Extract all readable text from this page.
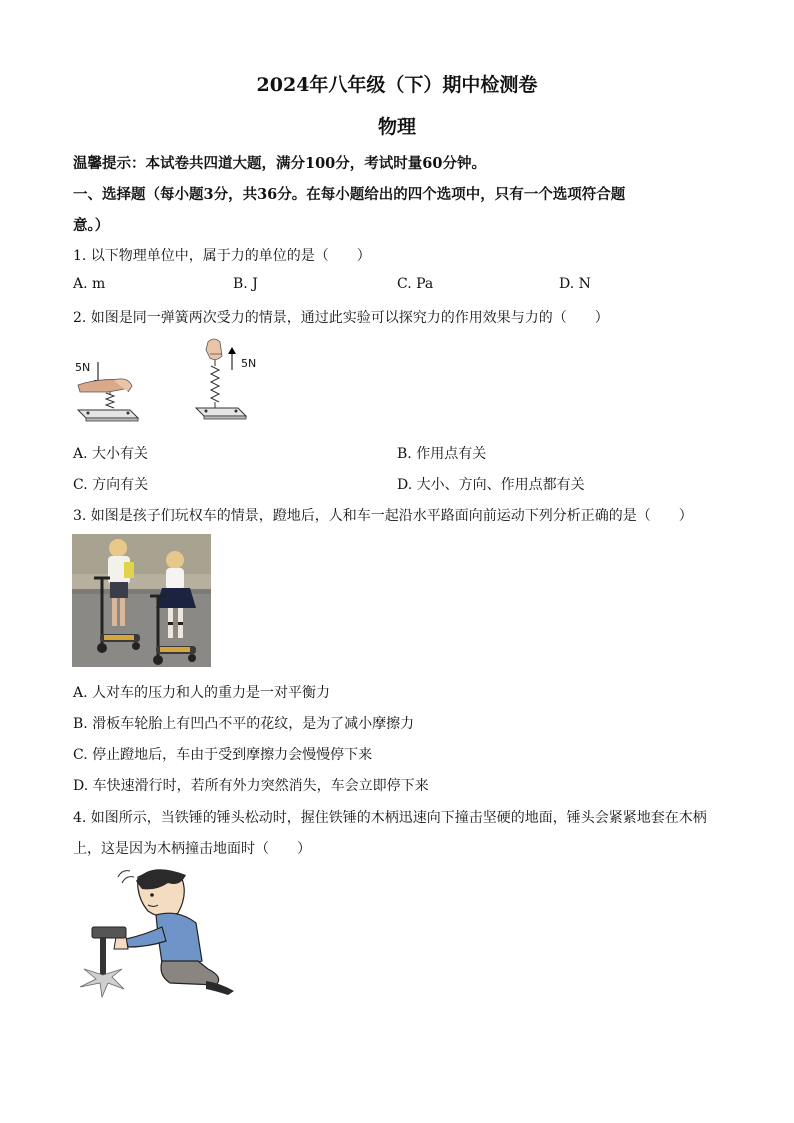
2024年八年级（下）期中检测卷
物理
温馨提示：本试卷共四道大题，满分100分，考试时量60分钟。
一、选择题（每小题3分，共36分。在每小题给出的四个选项中，只有一个选项符合题
意。）
1. 以下物理单位中，属于力的单位的是（　　）
A. m	B. J	C. Pa	D. N
2. 如图是同一弹簧两次受力的情景，通过此实验可以探究力的作用效果与力的（　　）
5N	5N
A. 大小有关	B. 作用点有关
C. 方向有关	D. 大小、方向、作用点都有关
3. 如图是孩子们玩权车的情景，蹬地后，人和车一起沿水平路面向前运动下列分析正确的是（　　）
A. 人对车的压力和人的重力是一对平衡力
B. 滑板车轮胎上有凹凸不平的花纹，是为了减小摩擦力
C. 停止蹬地后，车由于受到摩擦力会慢慢停下来
D. 车快速滑行时，若所有外力突然消失，车会立即停下来
4. 如图所示，当铁锤的锤头松动时，握住铁锤的木柄迅速向下撞击坚硬的地面，锤头会紧紧地套在木柄
上，这是因为木柄撞击地面时（　　）
